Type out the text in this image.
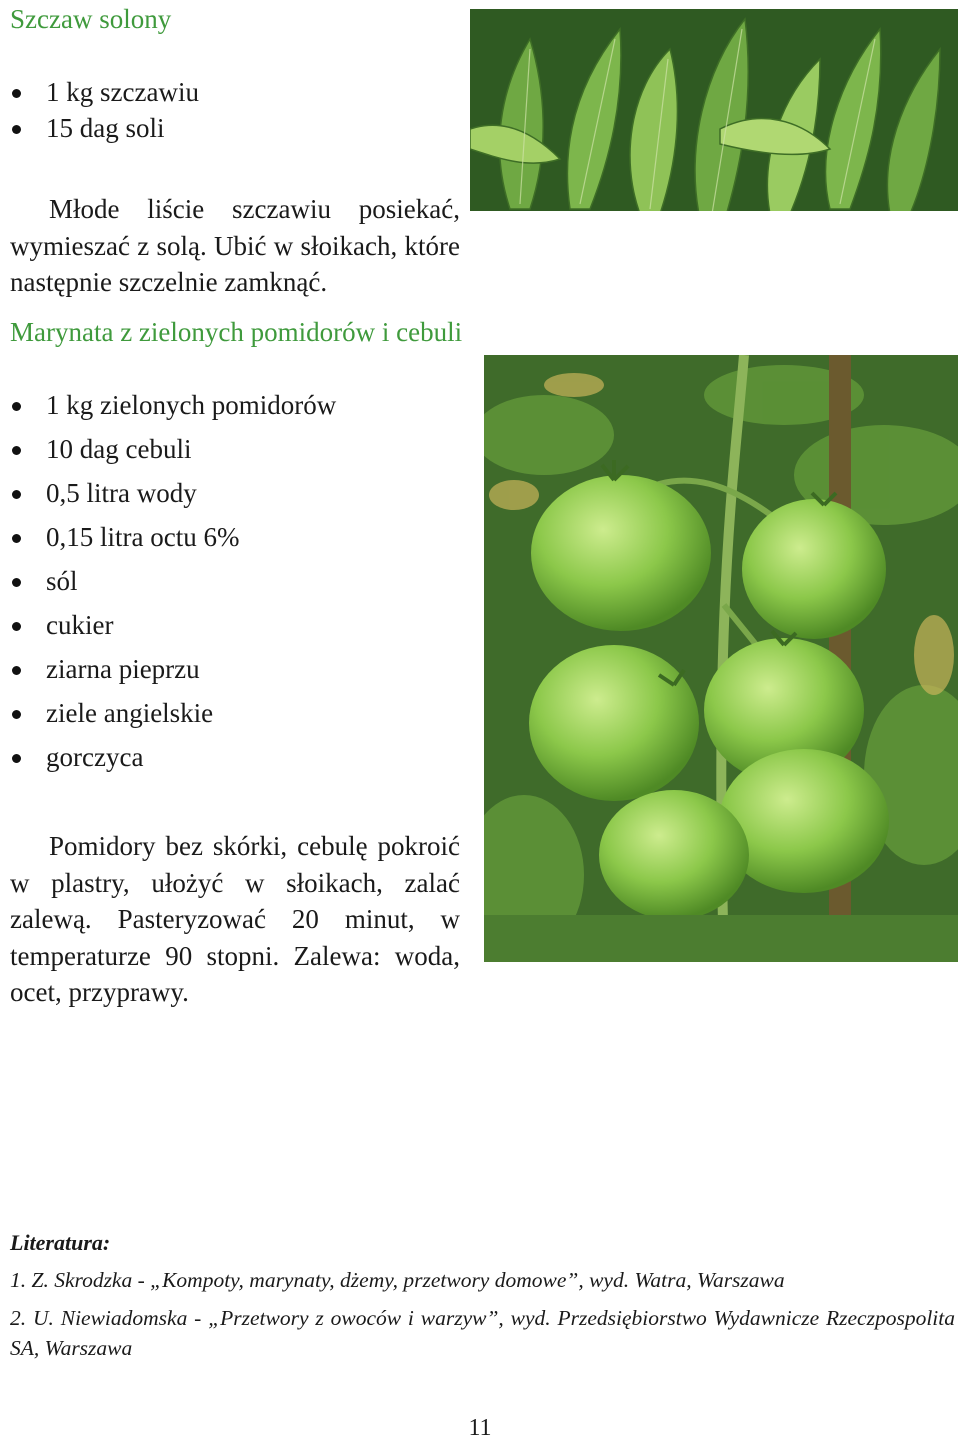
Szczaw solony
1 kg szczawiu
15 dag soli
Młode liście szczawiu posiekać, wymieszać z solą. Ubić w słoikach, które następnie szczelnie zamknąć.
Marynata z zielonych pomidorów i cebuli
1 kg zielonych pomidorów
10 dag cebuli
0,5 litra wody
0,15 litra octu 6%
sól
cukier
ziarna pieprzu
ziele angielskie
gorczyca
Pomidory bez skórki, cebulę pokroić w plastry, ułożyć w słoikach, zalać zalewą. Pasteryzować 20 minut, w temperaturze 90 stopni. Zalewa: woda, ocet, przyprawy.
Literatura:
1. Z. Skrodzka - „Kompoty, marynaty, dżemy, przetwory domowe”, wyd. Watra, Warszawa
2. U. Niewiadomska - „Przetwory z owoców i warzyw”, wyd. Przedsiębiorstwo Wydawnicze Rzeczpospolita SA, Warszawa
11
